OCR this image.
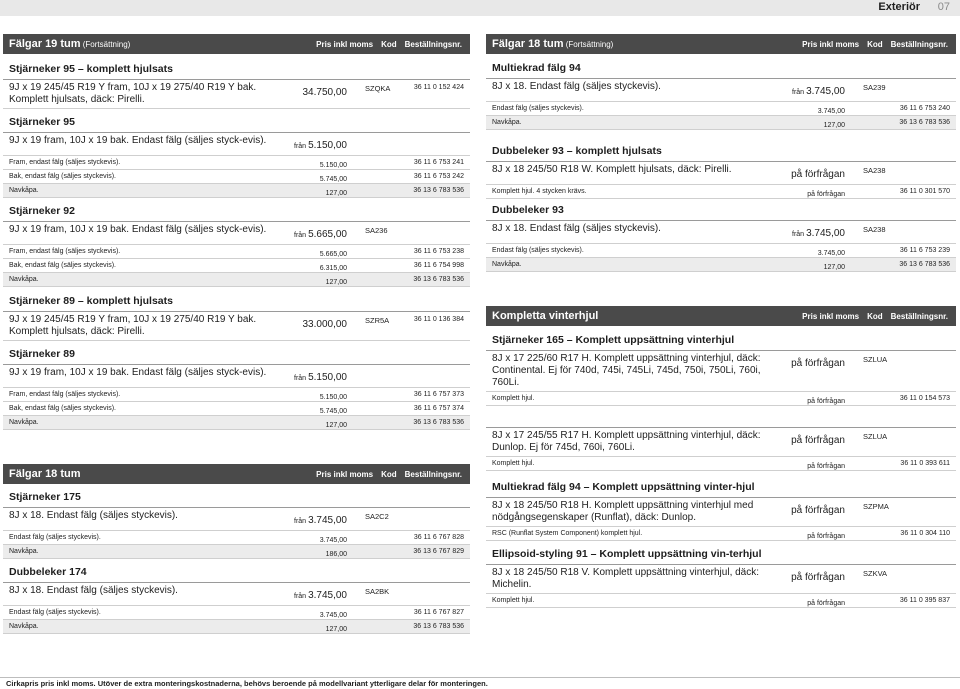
Exteriör 07
Fälgar 19 tum (Fortsättning)	Pris inkl moms Kod Beställningsnr.
Stjärneker 95 – komplett hjulsats
9J x 19 245/45 R19 Y fram, 10J x 19 275/40 R19 Y bak. Komplett hjulsats, däck: Pirelli.
34.750,00	SZQKA	36 11 0 152 424
Stjärneker 95
9J x 19 fram, 10J x 19 bak. Endast fälg (säljes styck-evis).
från 5.150,00
Fram, endast fälg (säljes styckevis).	5.150,00	36 11 6 753 241
Bak, endast fälg (säljes styckevis).	5.745,00	36 11 6 753 242
Navkåpa.	127,00	36 13 6 783 536
Stjärneker 92
9J x 19 fram, 10J x 19 bak. Endast fälg (säljes styck-evis).
från 5.665,00	SA236
Fram, endast fälg (säljes styckevis).	5.665,00	36 11 6 753 238
Bak, endast fälg (säljes styckevis).	6.315,00	36 11 6 754 998
Navkåpa.	127,00	36 13 6 783 536
Stjärneker 89 – komplett hjulsats
9J x 19 245/45 R19 Y fram, 10J x 19 275/40 R19 Y bak. Komplett hjulsats, däck: Pirelli.
33.000,00	SZR5A	36 11 0 136 384
Stjärneker 89
9J x 19 fram, 10J x 19 bak. Endast fälg (säljes styck-evis).
från 5.150,00
Fram, endast fälg (säljes styckevis).	5.150,00	36 11 6 757 373
Bak, endast fälg (säljes styckevis).	5.745,00	36 11 6 757 374
Navkåpa.	127,00	36 13 6 783 536
Fälgar 18 tum	Pris inkl moms Kod Beställningsnr.
Stjärneker 175
8J x 18. Endast fälg (säljes styckevis).
från 3.745,00	SA2C2
Endast fälg (säljes styckevis).	3.745,00	36 11 6 767 828
Navkåpa.	186,00	36 13 6 767 829
Dubbeleker 174
8J x 18. Endast fälg (säljes styckevis).
från 3.745,00	SA2BK
Endast fälg (säljes styckevis).	3.745,00	36 11 6 767 827
Navkåpa.	127,00	36 13 6 783 536
Fälgar 18 tum (Fortsättning)	Pris inkl moms Kod Beställningsnr.
Multiekrad fälg 94
8J x 18. Endast fälg (säljes styckevis).
från 3.745,00	SA239
Endast fälg (säljes styckevis).	3.745,00	36 11 6 753 240
Navkåpa.	127,00	36 13 6 783 536
Dubbeleker 93 – komplett hjulsats
8J x 18 245/50 R18 W. Komplett hjulsats, däck: Pirelli.	på förfrågan	SA238
Komplett hjul. 4 stycken krävs.	på förfrågan	36 11 0 301 570
Dubbeleker 93
8J x 18. Endast fälg (säljes styckevis).
från 3.745,00	SA238
Endast fälg (säljes styckevis).	3.745,00	36 11 6 753 239
Navkåpa.	127,00	36 13 6 783 536
Kompletta vinterhjul	Pris inkl moms Kod Beställningsnr.
Stjärneker 165 – Komplett uppsättning vinterhjul
8J x 17 225/60 R17 H. Komplett uppsättning vinterhjul, däck: Continental. Ej för 740d, 745i, 745Li, 745d, 750i, 750Li, 760i, 760Li.
på förfrågan	SZLUA
Komplett hjul.	på förfrågan	36 11 0 154 573
8J x 17 245/55 R17 H. Komplett uppsättning vinterhjul, däck: Dunlop. Ej för 745d, 760i, 760Li.
på förfrågan	SZLUA
Komplett hjul.	på förfrågan	36 11 0 393 611
Multiekrad fälg 94 – Komplett uppsättning vinter-hjul
8J x 18 245/50 R18 H. Komplett uppsättning vinterhjul med nödgångsegenskaper (Runflat), däck: Dunlop.
på förfrågan	SZPMA
RSC (Runflat System Component) komplett hjul.	på förfrågan	36 11 0 304 110
Ellipsoid-styling 91 – Komplett uppsättning vin-terhjul
8J x 18 245/50 R18 V. Komplett uppsättning vinterhjul, däck: Michelin.
på förfrågan	SZKVA
Komplett hjul.	på förfrågan	36 11 0 395 837
Cirkapris pris inkl moms. Utöver de extra monteringskostnaderna, behövs beroende på modellvariant ytterligare delar för monteringen.
